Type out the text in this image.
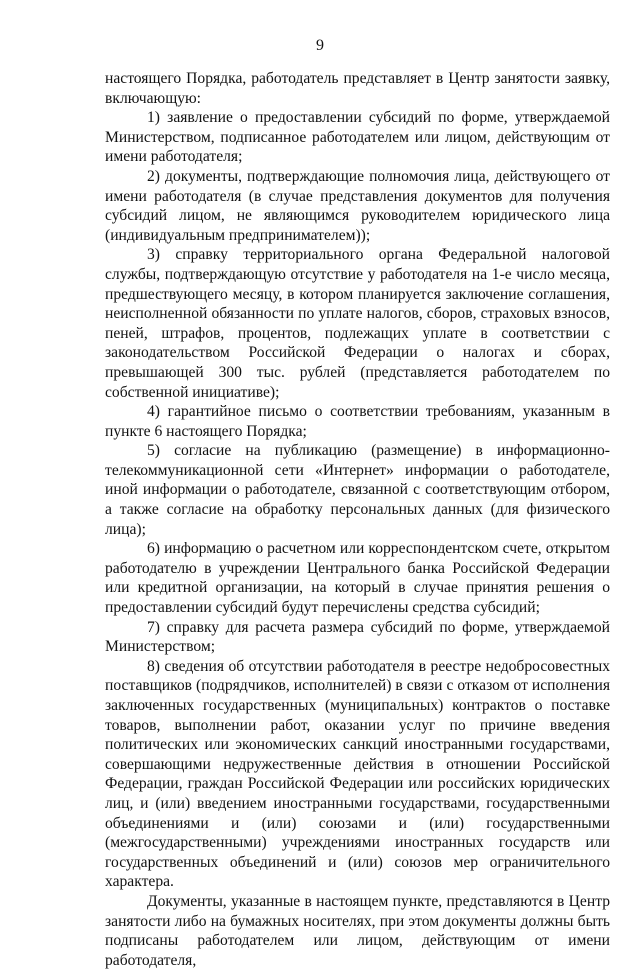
9

настоящего Порядка, работодатель представляет в Центр занятости заявку, включающую:

1) заявление о предоставлении субсидий по форме, утверждаемой Министерством, подписанное работодателем или лицом, действующим от имени работодателя;

2) документы, подтверждающие полномочия лица, действующего от имени работодателя (в случае представления документов для получения субсидий лицом, не являющимся руководителем юридического лица (индивидуальным предпринимателем));

3) справку территориального органа Федеральной налоговой службы, подтверждающую отсутствие у работодателя на 1-е число месяца, предшествующего месяцу, в котором планируется заключение соглашения, неисполненной обязанности по уплате налогов, сборов, страховых взносов, пеней, штрафов, процентов, подлежащих уплате в соответствии с законодательством Российской Федерации о налогах и сборах, превышающей 300 тыс. рублей (представляется работодателем по собственной инициативе);

4) гарантийное письмо о соответствии требованиям, указанным в пункте 6 настоящего Порядка;

5) согласие на публикацию (размещение) в информационно-телекоммуникационной сети «Интернет» информации о работодателе, иной информации о работодателе, связанной с соответствующим отбором, а также согласие на обработку персональных данных (для физического лица);

6) информацию о расчетном или корреспондентском счете, открытом работодателю в учреждении Центрального банка Российской Федерации или кредитной организации, на который в случае принятия решения о предоставлении субсидий будут перечислены средства субсидий;

7) справку для расчета размера субсидий по форме, утверждаемой Министерством;

8) сведения об отсутствии работодателя в реестре недобросовестных поставщиков (подрядчиков, исполнителей) в связи с отказом от исполнения заключенных государственных (муниципальных) контрактов о поставке товаров, выполнении работ, оказании услуг по причине введения политических или экономических санкций иностранными государствами, совершающими недружественные действия в отношении Российской Федерации, граждан Российской Федерации или российских юридических лиц, и (или) введением иностранными государствами, государственными объединениями и (или) союзами и (или) государственными (межгосударственными) учреждениями иностранных государств или государственных объединений и (или) союзов мер ограничительного характера.

Документы, указанные в настоящем пункте, представляются в Центр занятости либо на бумажных носителях, при этом документы должны быть подписаны работодателем или лицом, действующим от имени работодателя,
